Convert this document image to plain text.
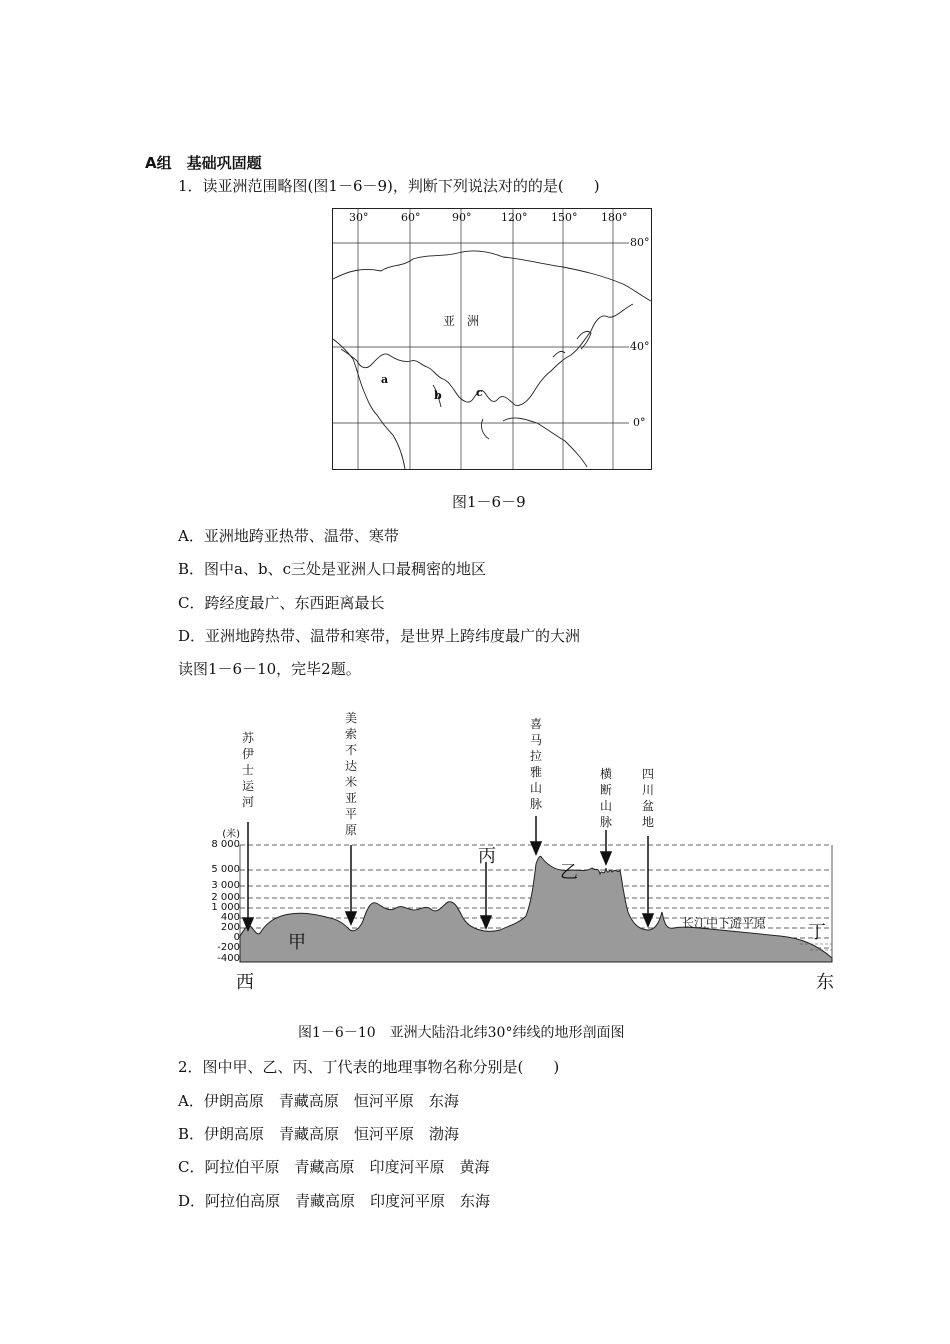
A组　基础巩固题
1．读亚洲范围略图(图1－6－9)，判断下列说法对的的是(　　)
30°	60°	90°	120° 150° 180°
80°
40°
0°
亚　洲
a
b	c
图1－6－9
A．亚洲地跨亚热带、温带、寒带
B．图中a、b、c三处是亚洲人口最稠密的地区
C．跨经度最广、东西距离最长
D．亚洲地跨热带、温带和寒带，是世界上跨纬度最广的大洲
读图1－6－10，完毕2题。
(米)
8 000
5 000
3 000
2 000
1 000
400
200
0
-200
-400
苏伊士运河
美索不达米亚平原
喜马拉雅山脉
横断山脉
四川盆地
甲
乙
丙
丁
长江中下游平原
西	东
图1－6－10　亚洲大陆沿北纬30°纬线的地形剖面图
2．图中甲、乙、丙、丁代表的地理事物名称分别是(　　)
A．伊朗高原　青藏高原　恒河平原　东海
B．伊朗高原　青藏高原　恒河平原　渤海
C．阿拉伯平原　青藏高原　印度河平原　黄海
D．阿拉伯高原　青藏高原　印度河平原　东海
